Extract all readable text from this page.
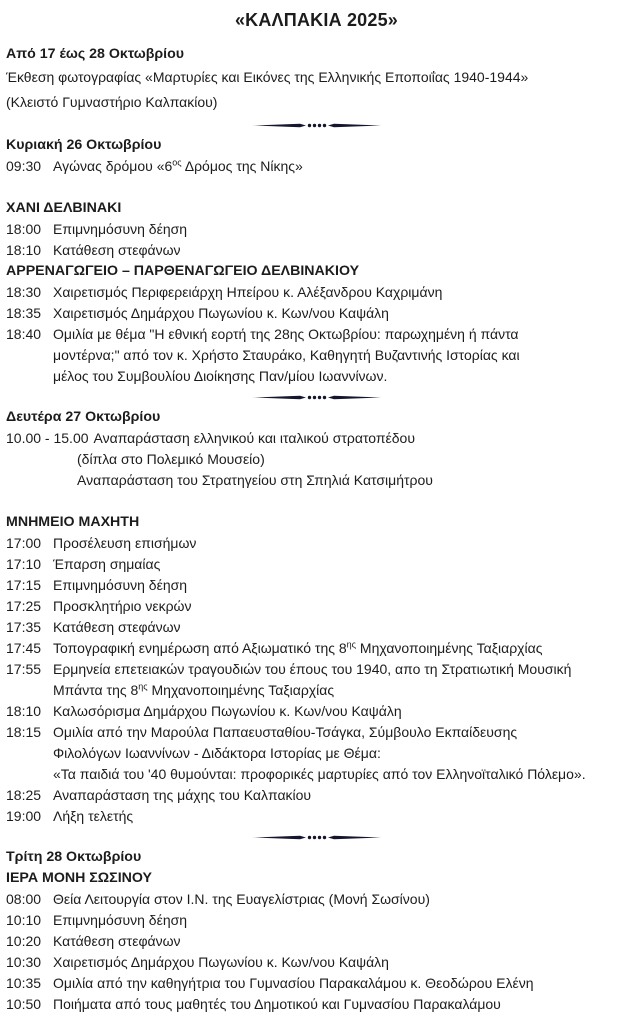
«ΚΑΛΠΑΚΙΑ 2025»
Από 17 έως 28 Οκτωβρίου
Έκθεση φωτογραφίας «Μαρτυρίες και Εικόνες της Ελληνικής Εποποιΐας 1940-1944»
(Κλειστό Γυμναστήριο Καλπακίου)
Κυριακή 26 Οκτωβρίου
09:30 Αγώνας δρόμου «$6^{o\varsigma}$ Δρόμος της Νίκης»
ΧΑΝΙ ΔΕΛΒΙΝΑΚΙ
18:00 Επιμνημόσυνη δέηση
18:10 Κατάθεση στεφάνων
ΑΡΡΕΝΑΓΩΓΕΙΟ – ΠΑΡΘΕΝΑΓΩΓΕΙΟ ΔΕΛΒΙΝΑΚΙΟΥ
18:30 Χαιρετισμός Περιφερειάρχη Ηπείρου κ. Αλέξανδρου Καχριμάνη
18:35 Χαιρετισμός Δημάρχου Πωγωνίου κ. Κων/νου Καψάλη
18:40 Ομιλία με θέμα "Η εθνική εορτή της 28ης Οκτωβρίου: παρωχημένη ή πάντα
μοντέρνα;" από τον κ. Χρήστο Σταυράκο, Καθηγητή Βυζαντινής Ιστορίας και
μέλος του Συμβουλίου Διοίκησης Παν/μίου Ιωαννίνων.
Δευτέρα 27 Οκτωβρίου
10.00 - 15.00 Αναπαράσταση ελληνικού και ιταλικού στρατοπέδου
(δίπλα στο Πολεμικό Μουσείο)
Αναπαράσταση του Στρατηγείου στη Σπηλιά Κατσιμήτρου
ΜΝΗΜΕΙΟ ΜΑΧΗΤΗ
17:00 Προσέλευση επισήμων
17:10 Έπαρση σημαίας
17:15 Επιμνημόσυνη δέηση
17:25 Προσκλητήριο νεκρών
17:35 Κατάθεση στεφάνων
17:45 Τοπογραφική ενημέρωση από Αξιωματικό της $8^{\eta\varsigma}$ Μηχανοποιημένης Ταξιαρχίας
17:55 Ερμηνεία επετειακών τραγουδιών του έπους του 1940, απο τη Στρατιωτική Μουσική
Μπάντα της $8^{\eta\varsigma}$ Μηχανοποιημένης Ταξιαρχίας
18:10 Καλωσόρισμα Δημάρχου Πωγωνίου κ. Κων/νου Καψάλη
18:15 Ομιλία από την Μαρούλα Παπαευσταθίου-Τσάγκα, Σύμβουλο Εκπαίδευσης
Φιλολόγων Ιωαννίνων - Διδάκτορα Ιστορίας με Θέμα:
«Τα παιδιά του '40 θυμούνται: προφορικές μαρτυρίες από τον Ελληνοϊταλικό Πόλεμο».
18:25 Αναπαράσταση της μάχης του Καλπακίου
19:00 Λήξη τελετής
Τρίτη 28 Οκτωβρίου
ΙΕΡΑ ΜΟΝΗ ΣΩΣΙΝΟΥ
08:00 Θεία Λειτουργία στον Ι.Ν. της Ευαγελίστριας (Μονή Σωσίνου)
10:10 Επιμνημόσυνη δέηση
10:20 Κατάθεση στεφάνων
10:30 Χαιρετισμός Δημάρχου Πωγωνίου κ. Κων/νου Καψάλη
10:35 Ομιλία από την καθηγήτρια του Γυμνασίου Παρακαλάμου κ. Θεοδώρου Ελένη
10:50 Ποιήματα από τους μαθητές του Δημοτικού και Γυμνασίου Παρακαλάμου
